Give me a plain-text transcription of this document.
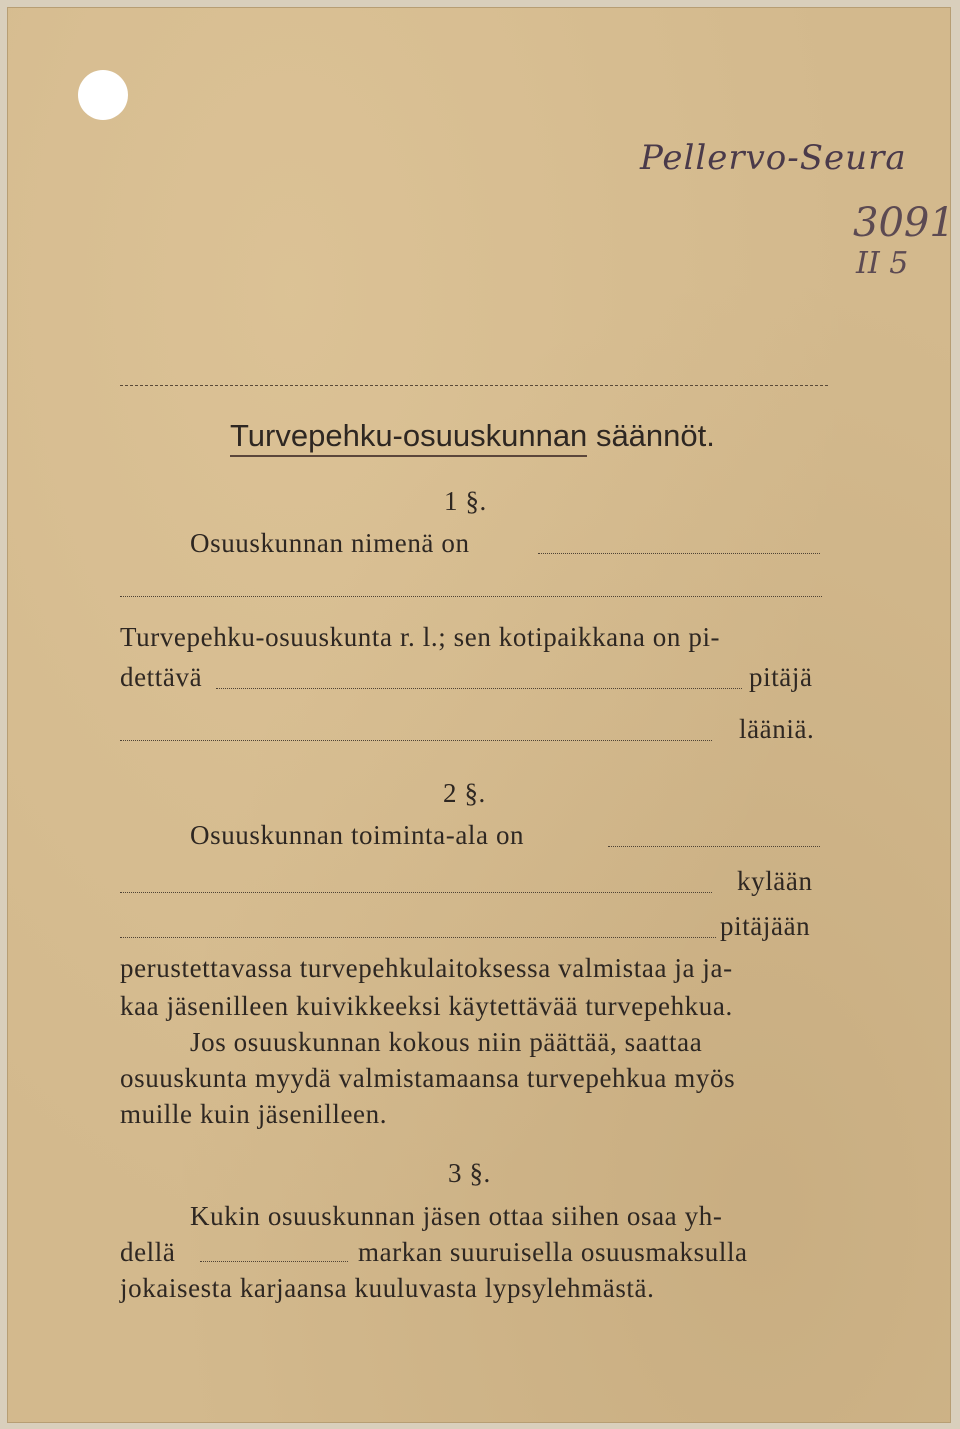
Pellervo-Seura
3091
II 5
Turvepehku-osuuskunnan säännöt.
1 §.
Osuuskunnan nimenä on
Turvepehku-osuuskunta r. l.; sen kotipaikkana on pi-
dettävä	pitäjä
lääniä.
2 §.
Osuuskunnan toiminta-ala on
kylään
pitäjään
perustettavassa turvepehkulaitoksessa valmistaa ja ja-
kaa jäsenilleen kuivikkeeksi käytettävää turvepehkua.
Jos osuuskunnan kokous niin päättää, saattaa
osuuskunta myydä valmistamaansa turvepehkua myös
muille kuin jäsenilleen.
3 §.
Kukin osuuskunnan jäsen ottaa siihen osaa yh-
dellä	markan suuruisella osuusmaksulla
jokaisesta karjaansa kuuluvasta lypsylehmästä.
